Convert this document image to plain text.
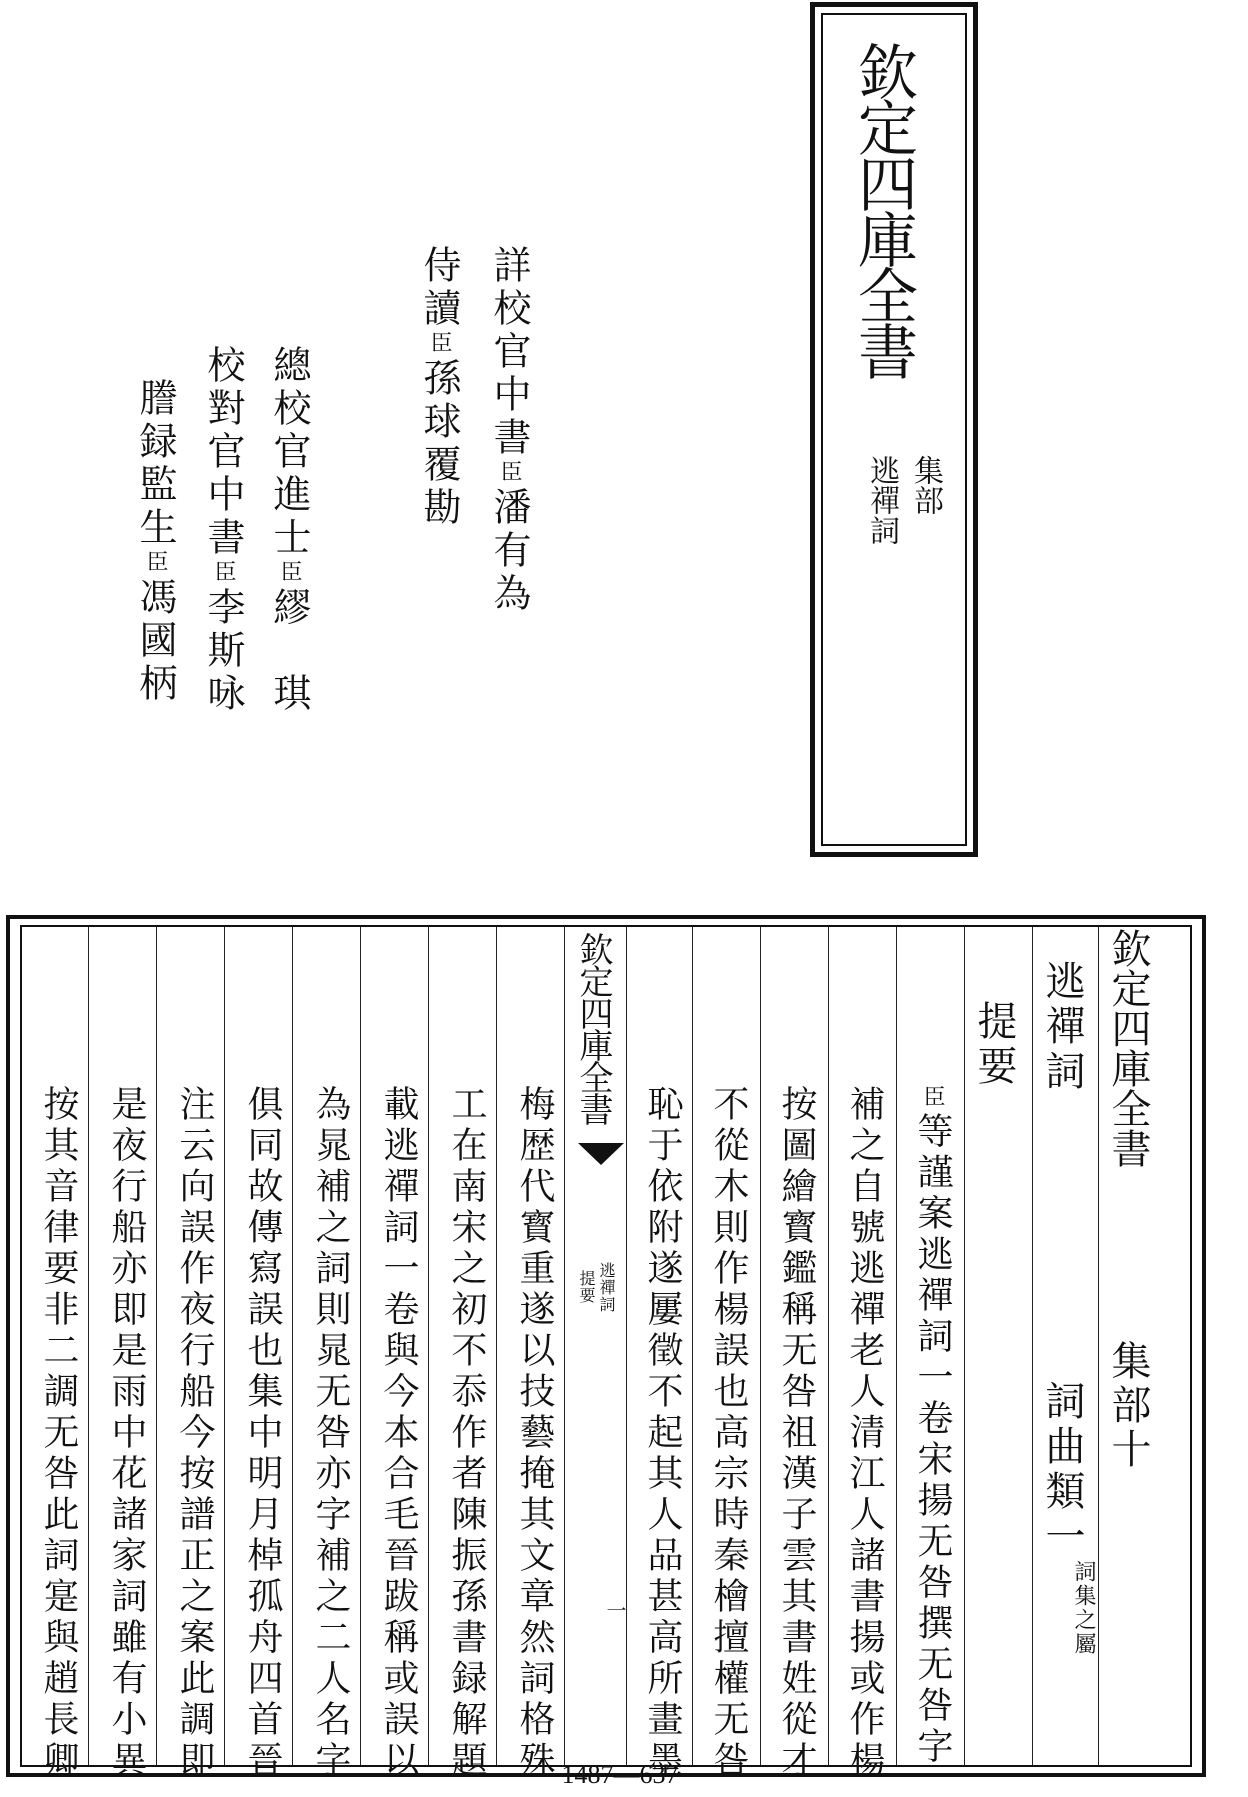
欽定四庫全書
集部
逃禪詞
詳校官中書臣潘有為
侍讀臣孫球覆勘
總校官進士臣繆　琪
校對官中書臣李斯咏
謄録監生臣馮國柄
欽定四庫全書
集部十
逃禪詞
詞曲類一
詞集之屬
提要
臣等謹案逃禪詞一卷宋揚无咎撰无咎字
補之自號逃禪老人清江人諸書揚或作楊
按圖繪寳鑑稱无咎祖漢子雲其書姓從才
不從木則作楊誤也高宗時秦檜擅權无咎
恥于依附遂屢徵不起其人品甚高所畫墨
欽定四庫全書
逃禪詞
提要
一
梅歴代寳重遂以技藝掩其文章然詞格殊
工在南宋之初不忝作者陳振孫書録解題
載逃禪詞一卷與今本合毛晉跋稱或誤以
為晁補之詞則晁无咎亦字補之二人名字
俱同故傳寫誤也集中明月棹孤舟四首晉
注云向誤作夜行船今按譜正之案此調即
是夜行船亦即是雨中花諸家詞雖有小異
按其音律要非二調无咎此詞寔與趙長卿	1487—637
